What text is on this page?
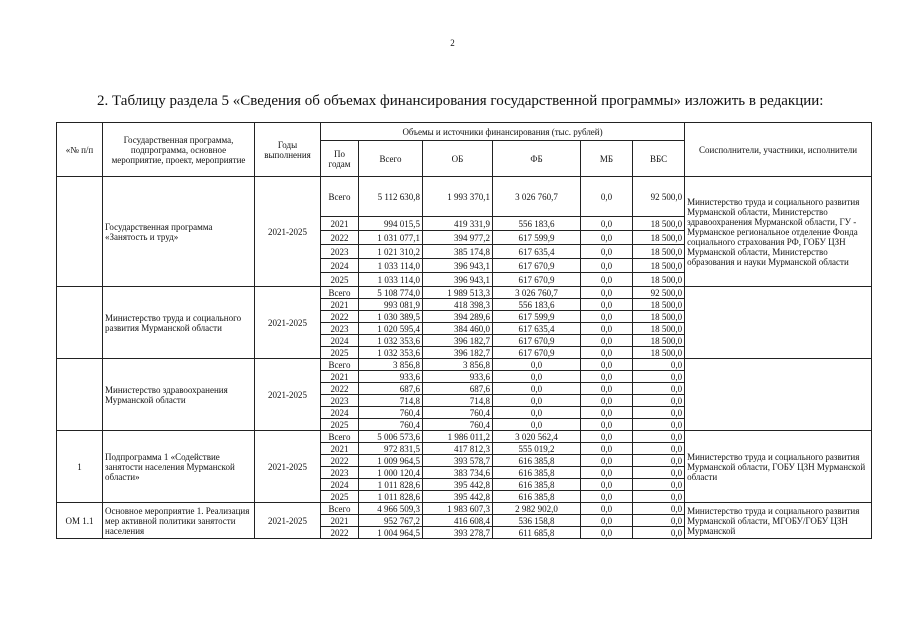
2
2. Таблицу раздела 5 «Сведения об объемах финансирования государственной программы» изложить в редакции:
«№ п/п	Государственная программа, подпрограмма, основное мероприятие, проект, мероприятие	Годы выполнения	Объемы и источники финансирования (тыс. рублей)						Соисполнители, участники, исполнители
			По годам	Всего	ОБ	ФБ	МБ	ВБС	
	Государственная программа «Занятость и труд»	2021-2025	Всего	5 112 630,8	1 993 370,1	3 026 760,7	0,0	92 500,0	Министерство труда и социального развития Мурманской области, Министерство здравоохранения Мурманской области, ГУ - Мурманское региональное отделение Фонда социального страхования РФ, ГОБУ ЦЗН Мурманской области, Министерство образования и науки Мурманской области
			2021	994 015,5	419 331,9	556 183,6	0,0	18 500,0	
			2022	1 031 077,1	394 977,2	617 599,9	0,0	18 500,0	
			2023	1 021 310,2	385 174,8	617 635,4	0,0	18 500,0	
			2024	1 033 114,0	396 943,1	617 670,9	0,0	18 500,0	
			2025	1 033 114,0	396 943,1	617 670,9	0,0	18 500,0	
	Министерство труда и социального развития Мурманской области	2021-2025	Всего	5 108 774,0	1 989 513,3	3 026 760,7	0,0	92 500,0	
			2021	993 081,9	418 398,3	556 183,6	0,0	18 500,0	
			2022	1 030 389,5	394 289,6	617 599,9	0,0	18 500,0	
			2023	1 020 595,4	384 460,0	617 635,4	0,0	18 500,0	
			2024	1 032 353,6	396 182,7	617 670,9	0,0	18 500,0	
			2025	1 032 353,6	396 182,7	617 670,9	0,0	18 500,0	
	Министерство здравоохранения Мурманской области	2021-2025	Всего	3 856,8	3 856,8	0,0	0,0	0,0	
			2021	933,6	933,6	0,0	0,0	0,0	
			2022	687,6	687,6	0,0	0,0	0,0	
			2023	714,8	714,8	0,0	0,0	0,0	
			2024	760,4	760,4	0,0	0,0	0,0	
			2025	760,4	760,4	0,0	0,0	0,0	
1	Подпрограмма 1 «Содействие занятости населения Мурманской области»	2021-2025	Всего	5 006 573,6	1 986 011,2	3 020 562,4	0,0	0,0	Министерство труда и социального развития Мурманской области, ГОБУ ЦЗН Мурманской области
			2021	972 831,5	417 812,3	555 019,2	0,0	0,0	
			2022	1 009 964,5	393 578,7	616 385,8	0,0	0,0	
			2023	1 000 120,4	383 734,6	616 385,8	0,0	0,0	
			2024	1 011 828,6	395 442,8	616 385,8	0,0	0,0	
			2025	1 011 828,6	395 442,8	616 385,8	0,0	0,0	
ОМ 1.1	Основное мероприятие 1. Реализация мер активной политики занятости населения	2021-2025	Всего	4 966 509,3	1 983 607,3	2 982 902,0	0,0	0,0	Министерство труда и социального развития Мурманской области, МГОБУ/ГОБУ ЦЗН Мурманской
			2021	952 767,2	416 608,4	536 158,8	0,0	0,0	
			2022	1 004 964,5	393 278,7	611 685,8	0,0	0,0	
